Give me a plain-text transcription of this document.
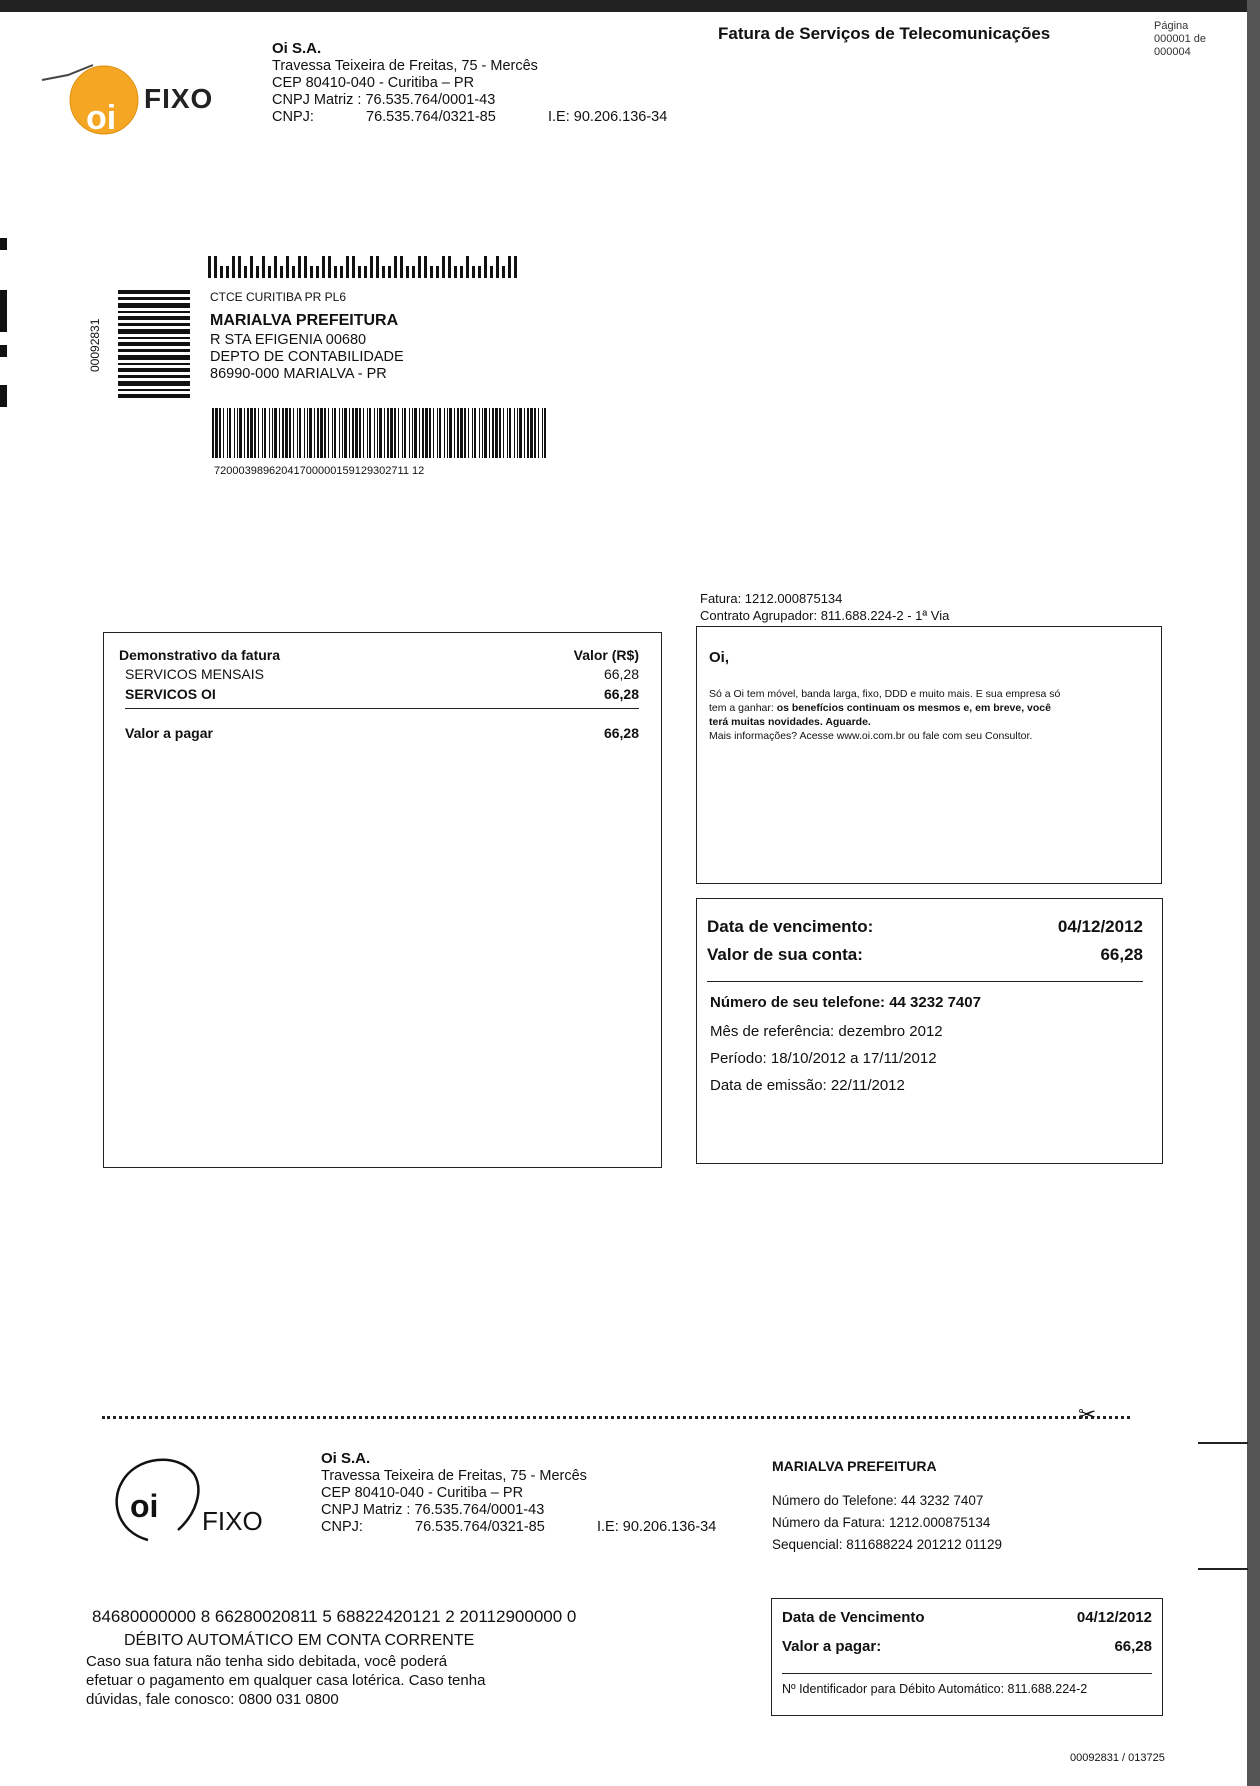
oi
FIXO
Oi S.A.
Travessa Teixeira de Freitas, 75 - Mercês
CEP 80410-040 - Curitiba – PR
CNPJ Matriz : 76.535.764/0001-43
CNPJ:	76.535.764/0321-85	I.E: 90.206.136-34
Fatura de Serviços de Telecomunicações	Página
000001 de
000004
00092831
CTCE CURITIBA PR PL6
MARIALVA PREFEITURA
R STA EFIGENIA 00680
DEPTO DE CONTABILIDADE
86990-000 MARIALVA - PR
72000398962041700000159129302711 12
Fatura: 1212.000875134
Contrato Agrupador: 811.688.224-2 - 1ª Via
Demonstrativo da fatura	Valor (R$)
SERVICOS MENSAIS	66,28
SERVICOS OI	66,28
Valor a pagar	66,28
Oi,
Só a Oi tem móvel, banda larga, fixo, DDD e muito mais. E sua empresa só
tem a ganhar: os benefícios continuam os mesmos e, em breve, você
terá muitas novidades. Aguarde.
Mais informações? Acesse www.oi.com.br ou fale com seu Consultor.
Data de vencimento:	04/12/2012
Valor de sua conta:	66,28
Número de seu telefone: 44 3232 7407
Mês de referência: dezembro 2012
Período: 18/10/2012 a 17/11/2012
Data de emissão: 22/11/2012
✂
oi FIXO
Oi S.A.
Travessa Teixeira de Freitas, 75 - Mercês
CEP 80410-040 - Curitiba – PR
CNPJ Matriz : 76.535.764/0001-43
CNPJ:	76.535.764/0321-85	I.E: 90.206.136-34
MARIALVA PREFEITURA
Número do Telefone: 44 3232 7407
Número da Fatura: 1212.000875134
Sequencial: 811688224 201212 01129
84680000000 8 66280020811 5 68822420121 2 20112900000 0
DÉBITO AUTOMÁTICO EM CONTA CORRENTE
Caso sua fatura não tenha sido debitada, você poderá
efetuar o pagamento em qualquer casa lotérica. Caso tenha
dúvidas, fale conosco: 0800 031 0800
Data de Vencimento	04/12/2012
Valor a pagar:	66,28
Nº Identificador para Débito Automático: 811.688.224-2
00092831 / 013725
